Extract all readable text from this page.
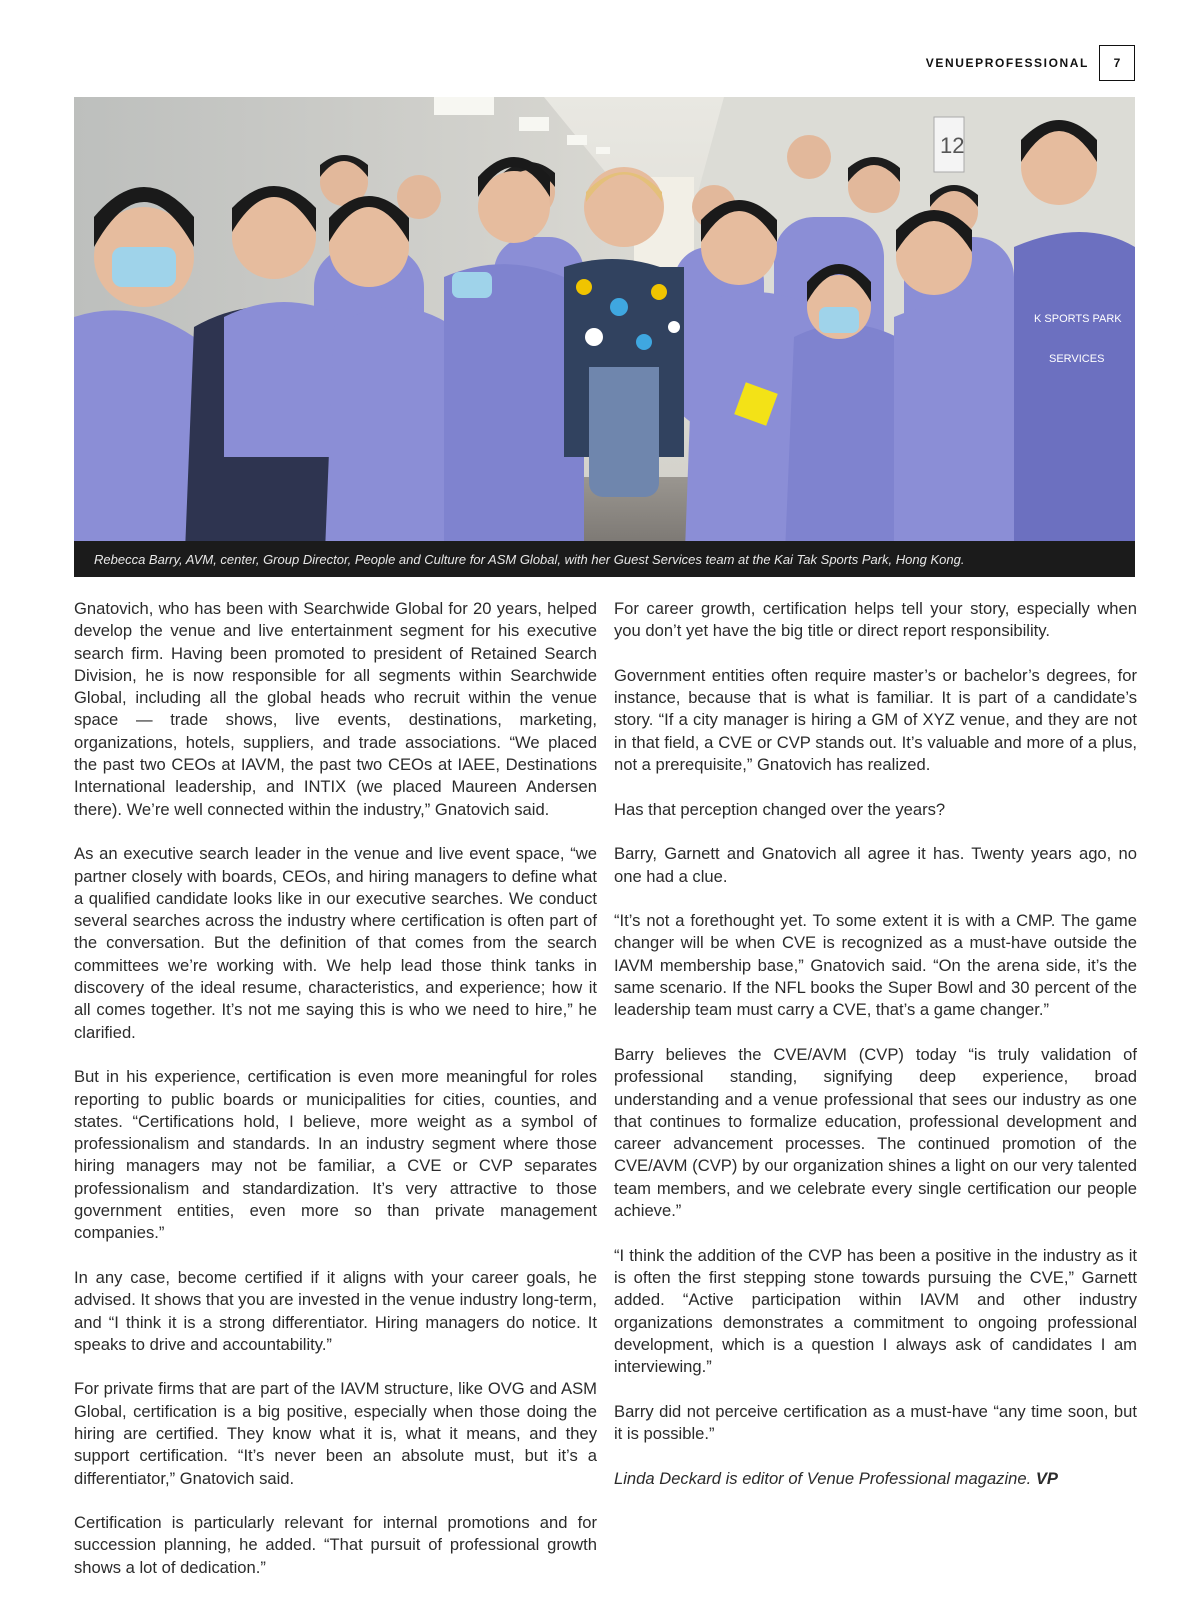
VENUEPROFESSIONAL	7
12
K SPORTS PARK
SERVICES
Rebecca Barry, AVM, center, Group Director, People and Culture for ASM Global, with her Guest Services team at the Kai Tak Sports Park, Hong Kong.

Gnatovich, who has been with Searchwide Global for 20 years, helped develop the venue and live entertainment segment for his executive search firm. Having been promoted to president of Retained Search Division, he is now responsible for all segments within Searchwide Global, including all the global heads who recruit within the venue space — trade shows, live events, destinations, marketing, organizations, hotels, suppliers, and trade associations. “We placed the past two CEOs at IAVM, the past two CEOs at IAEE, Destinations International leadership, and INTIX (we placed Maureen Andersen there). We’re well connected within the industry,” Gnatovich said.

As an executive search leader in the venue and live event space, “we partner closely with boards, CEOs, and hiring managers to define what a qualified candidate looks like in our executive searches. We conduct several searches across the industry where certification is often part of the conversation. But the definition of that comes from the search committees we’re working with. We help lead those think tanks in discovery of the ideal resume, characteristics, and experience; how it all comes together. It’s not me saying this is who we need to hire,” he clarified.

But in his experience, certification is even more meaningful for roles reporting to public boards or municipalities for cities, counties, and states. “Certifications hold, I believe, more weight as a symbol of professionalism and standards. In an industry segment where those hiring managers may not be familiar, a CVE or CVP separates professionalism and standardization. It’s very attractive to those government entities, even more so than private management companies.”

In any case, become certified if it aligns with your career goals, he advised. It shows that you are invested in the venue industry long-term, and “I think it is a strong differentiator. Hiring managers do notice. It speaks to drive and accountability.”

For private firms that are part of the IAVM structure, like OVG and ASM Global, certification is a big positive, especially when those doing the hiring are certified. They know what it is, what it means, and they support certification. “It’s never been an absolute must, but it’s a differentiator,” Gnatovich said.

Certification is particularly relevant for internal promotions and for succession planning, he added. “That pursuit of professional growth shows a lot of dedication.”

For career growth, certification helps tell your story, especially when you don’t yet have the big title or direct report responsibility.

Government entities often require master’s or bachelor’s degrees, for instance, because that is what is familiar. It is part of a candidate’s story. “If a city manager is hiring a GM of XYZ venue, and they are not in that field, a CVE or CVP stands out. It’s valuable and more of a plus, not a prerequisite,” Gnatovich has realized.

Has that perception changed over the years?

Barry, Garnett and Gnatovich all agree it has. Twenty years ago, no one had a clue.

“It’s not a forethought yet. To some extent it is with a CMP. The game changer will be when CVE is recognized as a must-have outside the IAVM membership base,” Gnatovich said. “On the arena side, it’s the same scenario. If the NFL books the Super Bowl and 30 percent of the leadership team must carry a CVE, that’s a game changer.”

Barry believes the CVE/AVM (CVP) today “is truly validation of professional standing, signifying deep experience, broad understanding and a venue professional that sees our industry as one that continues to formalize education, professional development and career advancement processes. The continued promotion of the CVE/AVM (CVP) by our organization shines a light on our very talented team members, and we celebrate every single certification our people achieve.”

“I think the addition of the CVP has been a positive in the industry as it is often the first stepping stone towards pursuing the CVE,” Garnett added. “Active participation within IAVM and other industry organizations demonstrates a commitment to ongoing professional development, which is a question I always ask of candidates I am interviewing.”

Barry did not perceive certification as a must-have “any time soon, but it is possible.”

Linda Deckard is editor of Venue Professional magazine. VP
